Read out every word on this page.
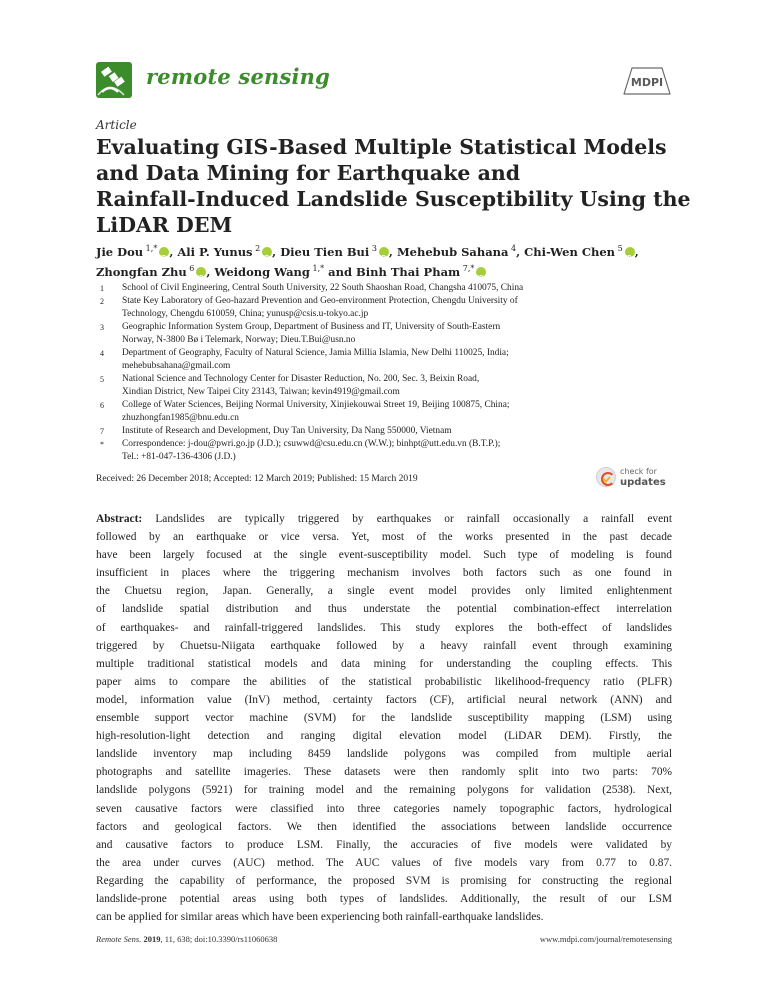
remote sensing	MDPI
Article
Evaluating GIS-Based Multiple Statistical Models
and Data Mining for Earthquake and
Rainfall-Induced Landslide Susceptibility Using the
LiDAR DEM
Jie Dou $^{1,*}$ iD , Ali P. Yunus $^2$ iD , Dieu Tien Bui $^3$ iD , Mehebub Sahana $^4$, Chi-Wen Chen $^5$ iD ,
Zhongfan Zhu $^6$ iD , Weidong Wang $^{1,*}$ and Binh Thai Pham $^{7,*}$iD
1 School of Civil Engineering, Central South University, 22 South Shaoshan Road, Changsha 410075, China
2 State Key Laboratory of Geo-hazard Prevention and Geo-environment Protection, Chengdu University of
Technology, Chengdu 610059, China; yunusp@csis.u-tokyo.ac.jp
3 Geographic Information System Group, Department of Business and IT, University of South-Eastern
Norway, N-3800 Bø i Telemark, Norway; Dieu.T.Bui@usn.no
4 Department of Geography, Faculty of Natural Science, Jamia Millia Islamia, New Delhi 110025, India;
mehebubsahana@gmail.com
5 National Science and Technology Center for Disaster Reduction, No. 200, Sec. 3, Beixin Road,
Xindian District, New Taipei City 23143, Taiwan; kevin4919@gmail.com
6 College of Water Sciences, Beijing Normal University, Xinjiekouwai Street 19, Beijing 100875, China;
zhuzhongfan1985@bnu.edu.cn
7 Institute of Research and Development, Duy Tan University, Da Nang 550000, Vietnam
* Correspondence: j-dou@pwri.go.jp (J.D.); csuwwd@csu.edu.cn (W.W.); binhpt@utt.edu.vn (B.T.P.);
Tel.: +81-047-136-4306 (J.D.)
Received: 26 December 2018; Accepted: 12 March 2019; Published: 15 March 2019
check for
updates
Abstract: Landslides are typically triggered by earthquakes or rainfall occasionally a rainfall event
followed by an earthquake or vice versa. Yet, most of the works presented in the past decade
have been largely focused at the single event-susceptibility model. Such type of modeling is found
insufficient in places where the triggering mechanism involves both factors such as one found in
the Chuetsu region, Japan. Generally, a single event model provides only limited enlightenment
of landslide spatial distribution and thus understate the potential combination-effect interrelation
of earthquakes- and rainfall-triggered landslides. This study explores the both-effect of landslides
triggered by Chuetsu-Niigata earthquake followed by a heavy rainfall event through examining
multiple traditional statistical models and data mining for understanding the coupling effects. This
paper aims to compare the abilities of the statistical probabilistic likelihood-frequency ratio (PLFR)
model, information value (InV) method, certainty factors (CF), artificial neural network (ANN) and
ensemble support vector machine (SVM) for the landslide susceptibility mapping (LSM) using
high-resolution-light detection and ranging digital elevation model (LiDAR DEM). Firstly, the
landslide inventory map including 8459 landslide polygons was compiled from multiple aerial
photographs and satellite imageries. These datasets were then randomly split into two parts: 70%
landslide polygons (5921) for training model and the remaining polygons for validation (2538). Next,
seven causative factors were classified into three categories namely topographic factors, hydrological
factors and geological factors. We then identified the associations between landslide occurrence
and causative factors to produce LSM. Finally, the accuracies of five models were validated by
the area under curves (AUC) method. The AUC values of five models vary from 0.77 to 0.87.
Regarding the capability of performance, the proposed SVM is promising for constructing the regional
landslide-prone potential areas using both types of landslides. Additionally, the result of our LSM
can be applied for similar areas which have been experiencing both rainfall-earthquake landslides.
Remote Sens. 2019, 11, 638; doi:10.3390/rs11060638	www.mdpi.com/journal/remotesensing
